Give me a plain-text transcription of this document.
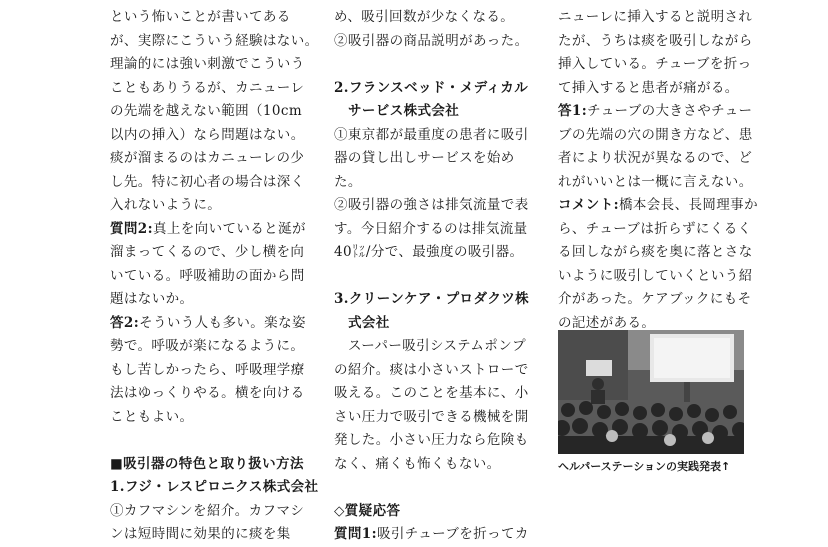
という怖いことが書いてある
が、実際にこういう経験はない。
理論的には強い刺激でこういう
こともありうるが、カニューレ
の先端を越えない範囲（10cm
以内の挿入）なら問題はない。
痰が溜まるのはカニューレの少
し先。特に初心者の場合は深く
入れないように。
質問2:真上を向いていると涎が
溜まってくるので、少し横を向
いている。呼吸補助の面から問
題はないか。
答2:そういう人も多い。楽な姿
勢で。呼吸が楽になるように。
もし苦しかったら、呼吸理学療
法はゆっくりやる。横を向ける
こともよい。
■吸引器の特色と取り扱い方法
1.フジ・レスピロニクス株式会社
①カフマシンを紹介。カフマシ
ンは短時間に効果的に痰を集
め、吸引回数が少なくなる。
②吸引器の商品説明があった。
2.フランスベッド・メディカル
サービス株式会社
①東京都が最重度の患者に吸引
器の貸し出しサービスを始め
た。
②吸引器の強さは排気流量で表
す。今日紹介するのは排気流量
40㍑/分で、最強度の吸引器。
3.クリーンケア・プロダクツ株
式会社
スーパー吸引システムポンプ
の紹介。痰は小さいストローで
吸える。このことを基本に、小
さい圧力で吸引できる機械を開
発した。小さい圧力なら危険も
なく、痛くも怖くもない。
◇質疑応答
質問1:吸引チューブを折ってカ
ニューレに挿入すると説明され
たが、うちは痰を吸引しながら
挿入している。チューブを折っ
て挿入すると患者が痛がる。
答1:チューブの大きさやチュー
ブの先端の穴の開き方など、患
者により状況が異なるので、ど
れがいいとは一概に言えない。
コメント:橋本会長、長岡理事か
ら、チューブは折らずにくるく
る回しながら痰を奥に落とさな
いように吸引していくという紹
介があった。ケアブックにもそ
の記述がある。
ヘルパーステーションの実践発表↑
